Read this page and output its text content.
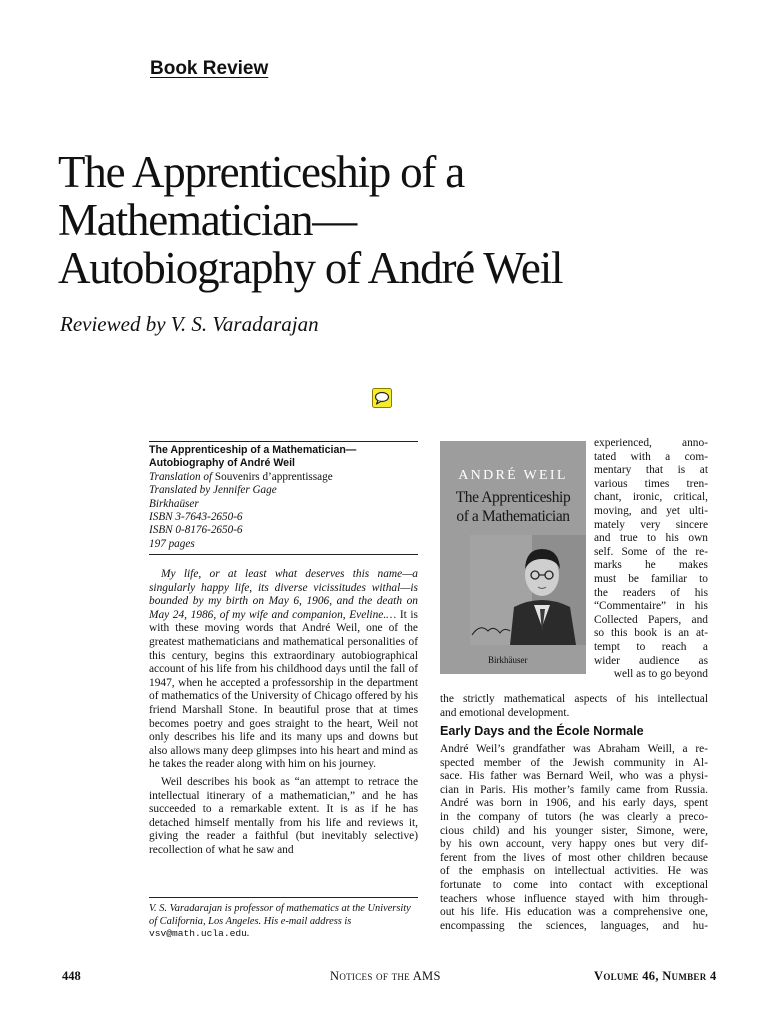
Book Review
The Apprenticeship of a
Mathematician—
Autobiography of André Weil
Reviewed by V. S. Varadarajan
The Apprenticeship of a Mathematician—
Autobiography of André Weil
Translation of Souvenirs d’apprentissage
Translated by Jennifer Gage
Birkhaüser
ISBN 3-7643-2650-6
ISBN 0-8176-2650-6
197 pages

My life, or at least what deserves this name—a singularly happy life, its diverse vicissitudes withal—is bounded by my birth on May 6, 1906, and the death on May 24, 1986, of my wife and companion, Eveline.… It is with these moving words that André Weil, one of the greatest mathematicians and mathematical personalities of this century, begins this extraordinary autobiographical account of his life from his childhood days until the fall of 1947, when he accepted a professorship in the department of mathematics of the University of Chicago offered by his friend Marshall Stone. In beautiful prose that at times becomes poetry and goes straight to the heart, Weil not only describes his life and its many ups and downs but also allows many deep glimpses into his heart and mind as he takes the reader along with him on his journey.

Weil describes his book as “an attempt to retrace the intellectual itinerary of a mathematician,” and he has succeeded to a remarkable extent. It is as if he has detached himself mentally from his life and reviews it, giving the reader a faithful (but inevitably selective) recollection of what he saw and

V. S. Varadarajan is professor of mathematics at the University of California, Los Angeles. His e-mail address is vsv@math.ucla.edu.
ANDRÉ WEIL
The Apprenticeship
of a Mathematician
Birkhäuser
experienced, anno-
tated with a com-
mentary that is at
various times tren-
chant, ironic, critical,
moving, and yet ulti-
mately very sincere
and true to his own
self. Some of the re-
marks he makes
must be familiar to
the readers of his
“Commentaire” in his
Collected Papers, and
so this book is an at-
tempt to reach a
wider audience as
well as to go beyond
the strictly mathematical aspects of his intellectual
and emotional development.
Early Days and the École Normale
André Weil’s grandfather was Abraham Weill, a re-
spected member of the Jewish community in Al-
sace. His father was Bernard Weil, who was a physi-
cian in Paris. His mother’s family came from Russia.
André was born in 1906, and his early days, spent
in the company of tutors (he was clearly a preco-
cious child) and his younger sister, Simone, were,
by his own account, very happy ones but very dif-
ferent from the lives of most other children because
of the emphasis on intellectual activities. He was
fortunate to come into contact with exceptional
teachers whose influence stayed with him through-
out his life. His education was a comprehensive one,
encompassing the sciences, languages, and hu-
448	Notices of the AMS	Volume 46, Number 4
